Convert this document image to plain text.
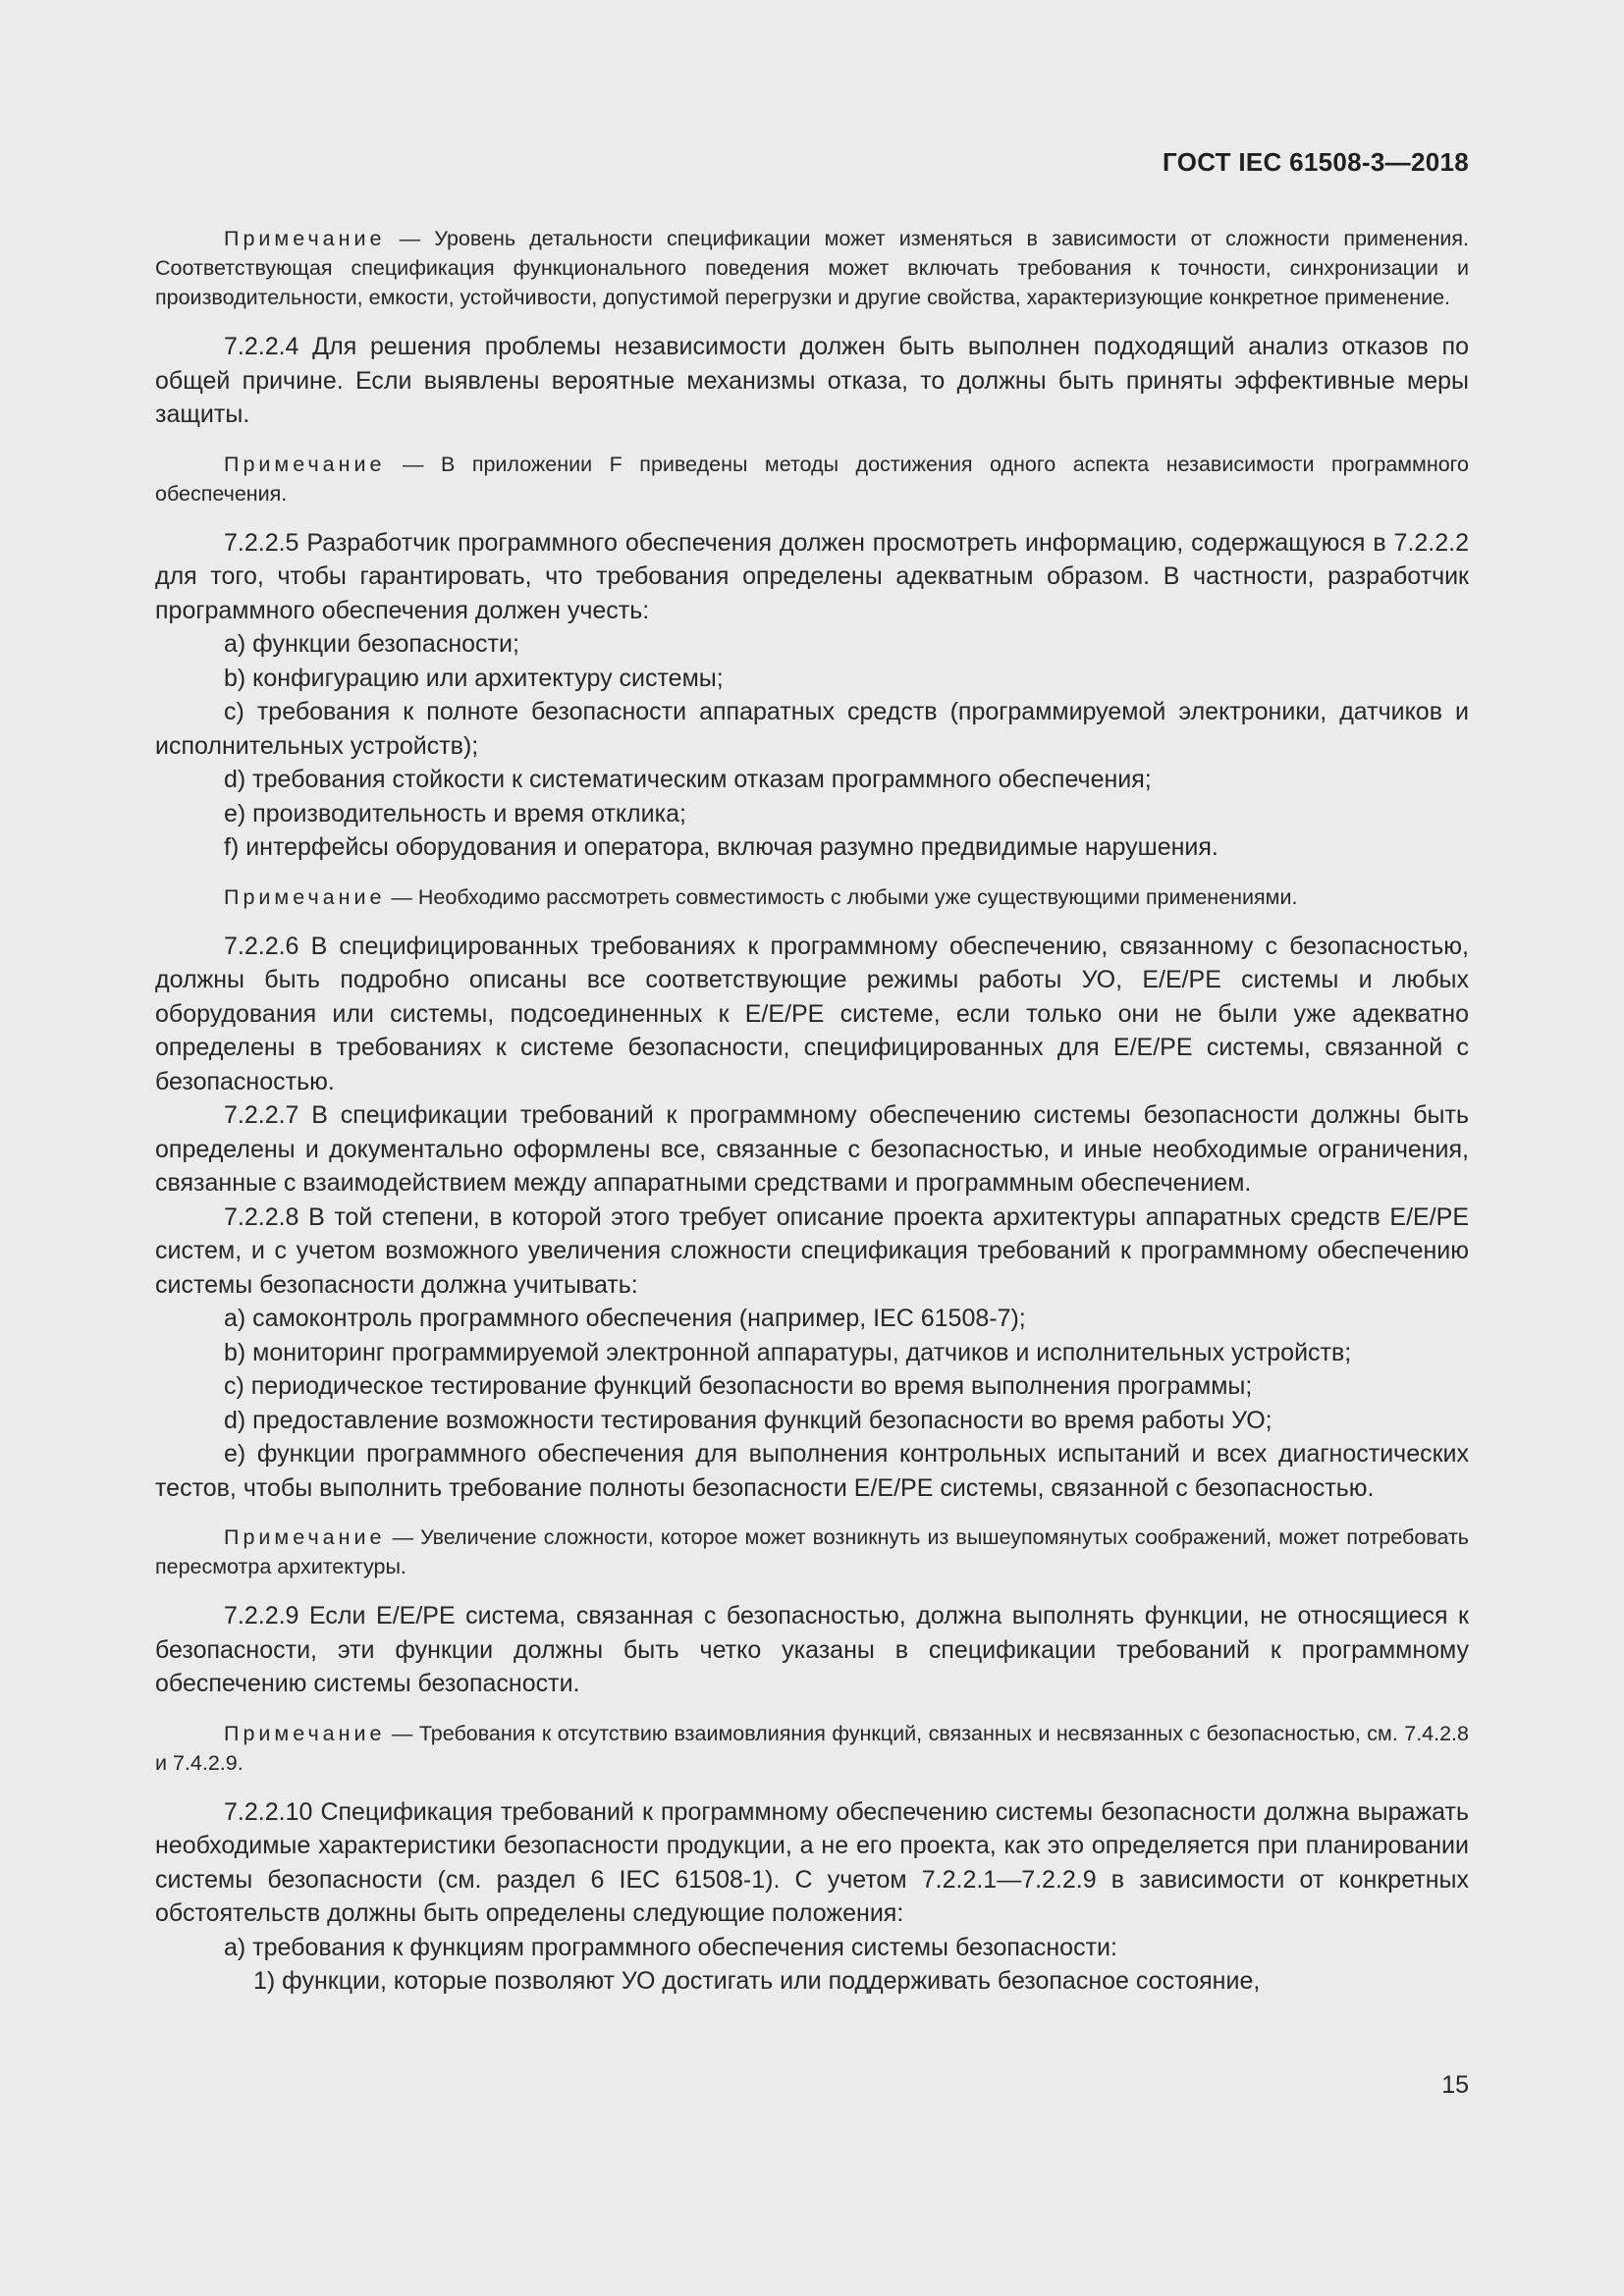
ГОСТ IEC 61508-3—2018

Примечание — Уровень детальности спецификации может изменяться в зависимости от сложности применения. Соответствующая спецификация функционального поведения может включать требования к точности, синхронизации и производительности, емкости, устойчивости, допустимой перегрузки и другие свойства, характеризующие конкретное применение.

7.2.2.4 Для решения проблемы независимости должен быть выполнен подходящий анализ отказов по общей причине. Если выявлены вероятные механизмы отказа, то должны быть приняты эффективные меры защиты.

Примечание — В приложении F приведены методы достижения одного аспекта независимости программного обеспечения.

7.2.2.5 Разработчик программного обеспечения должен просмотреть информацию, содержащуюся в 7.2.2.2 для того, чтобы гарантировать, что требования определены адекватным образом. В частности, разработчик программного обеспечения должен учесть:

а) функции безопасности;

b) конфигурацию или архитектуру системы;

с) требования к полноте безопасности аппаратных средств (программируемой электроники, датчиков и исполнительных устройств);

d) требования стойкости к систематическим отказам программного обеспечения;

е) производительность и время отклика;

f) интерфейсы оборудования и оператора, включая разумно предвидимые нарушения.

Примечание — Необходимо рассмотреть совместимость с любыми уже существующими применениями.

7.2.2.6 В специфицированных требованиях к программному обеспечению, связанному с безопасностью, должны быть подробно описаны все соответствующие режимы работы УО, Е/Е/РЕ системы и любых оборудования или системы, подсоединенных к Е/Е/РЕ системе, если только они не были уже адекватно определены в требованиях к системе безопасности, специфицированных для Е/Е/РЕ системы, связанной с безопасностью.

7.2.2.7 В спецификации требований к программному обеспечению системы безопасности должны быть определены и документально оформлены все, связанные с безопасностью, и иные необходимые ограничения, связанные с взаимодействием между аппаратными средствами и программным обеспечением.

7.2.2.8 В той степени, в которой этого требует описание проекта архитектуры аппаратных средств Е/Е/РЕ систем, и с учетом возможного увеличения сложности спецификация требований к программному обеспечению системы безопасности должна учитывать:

а) самоконтроль программного обеспечения (например, IEC 61508-7);

b) мониторинг программируемой электронной аппаратуры, датчиков и исполнительных устройств;

с) периодическое тестирование функций безопасности во время выполнения программы;

d) предоставление возможности тестирования функций безопасности во время работы УО;

е) функции программного обеспечения для выполнения контрольных испытаний и всех диагностических тестов, чтобы выполнить требование полноты безопасности Е/Е/РЕ системы, связанной с безопасностью.

Примечание — Увеличение сложности, которое может возникнуть из вышеупомянутых соображений, может потребовать пересмотра архитектуры.

7.2.2.9 Если Е/Е/РЕ система, связанная с безопасностью, должна выполнять функции, не относящиеся к безопасности, эти функции должны быть четко указаны в спецификации требований к программному обеспечению системы безопасности.

Примечание — Требования к отсутствию взаимовлияния функций, связанных и несвязанных с безопасностью, см. 7.4.2.8 и 7.4.2.9.

7.2.2.10 Спецификация требований к программному обеспечению системы безопасности должна выражать необходимые характеристики безопасности продукции, а не его проекта, как это определяется при планировании системы безопасности (см. раздел 6 IEC 61508-1). С учетом 7.2.2.1—7.2.2.9 в зависимости от конкретных обстоятельств должны быть определены следующие положения:

а) требования к функциям программного обеспечения системы безопасности:

1) функции, которые позволяют УО достигать или поддерживать безопасное состояние,

15
